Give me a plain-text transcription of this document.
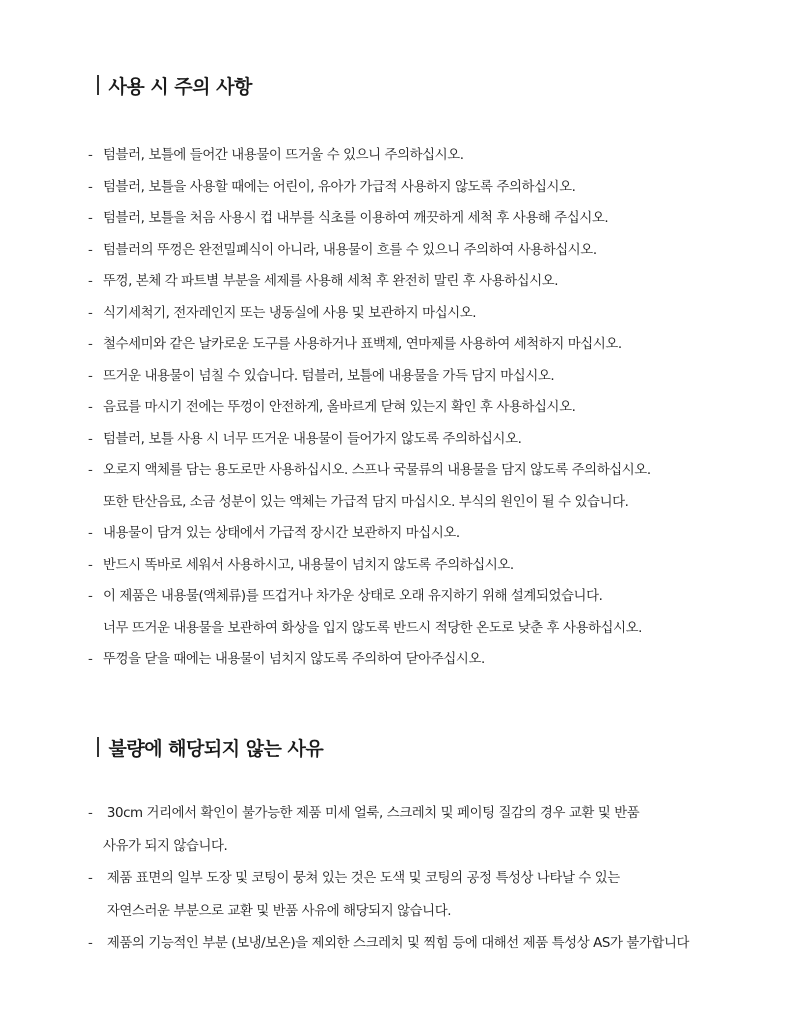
사용 시 주의 사항
- 텀블러, 보틀에 들어간 내용물이 뜨거울 수 있으니 주의하십시오.
- 텀블러, 보틀을 사용할 때에는 어린이, 유아가 가급적 사용하지 않도록 주의하십시오.
- 텀블러, 보틀을 처음 사용시 컵 내부를 식초를 이용하여 깨끗하게 세척 후 사용해 주십시오.
- 텀블러의 뚜껑은 완전밀폐식이 아니라, 내용물이 흐를 수 있으니 주의하여 사용하십시오.
- 뚜껑, 본체 각 파트별 부분을 세제를 사용해 세척 후 완전히 말린 후 사용하십시오.
- 식기세척기, 전자레인지 또는 냉동실에 사용 및 보관하지 마십시오.
- 철수세미와 같은 날카로운 도구를 사용하거나 표백제, 연마제를 사용하여 세척하지 마십시오.
- 뜨거운 내용물이 넘칠 수 있습니다. 텀블러, 보틀에 내용물을 가득 담지 마십시오.
- 음료를 마시기 전에는 뚜껑이 안전하게, 올바르게 닫혀 있는지 확인 후 사용하십시오.
- 텀블러, 보틀 사용 시 너무 뜨거운 내용물이 들어가지 않도록 주의하십시오.
- 오로지 액체를 담는 용도로만 사용하십시오. 스프나 국물류의 내용물을 담지 않도록 주의하십시오.
또한 탄산음료, 소금 성분이 있는 액체는 가급적 담지 마십시오. 부식의 원인이 될 수 있습니다.
- 내용물이 담겨 있는 상태에서 가급적 장시간 보관하지 마십시오.
- 반드시 똑바로 세워서 사용하시고, 내용물이 넘치지 않도록 주의하십시오.
- 이 제품은 내용물(액체류)를 뜨겁거나 차가운 상태로 오래 유지하기 위해 설계되었습니다.
너무 뜨거운 내용물을 보관하여 화상을 입지 않도록 반드시 적당한 온도로 낮춘 후 사용하십시오.
- 뚜껑을 닫을 때에는 내용물이 넘치지 않도록 주의하여 닫아주십시오.
불량에 해당되지 않는 사유
- 30cm 거리에서 확인이 불가능한 제품 미세 얼룩, 스크레치 및 페이팅 질감의 경우 교환 및 반품
사유가 되지 않습니다.
- 제품 표면의 일부 도장 및 코팅이 뭉쳐 있는 것은 도색 및 코팅의 공정 특성상 나타날 수 있는
자연스러운 부분으로 교환 및 반품 사유에 해당되지 않습니다.
- 제품의 기능적인 부분 (보냉/보온)을 제외한 스크레치 및 찍힘 등에 대해선 제품 특성상 AS가 불가합니다
